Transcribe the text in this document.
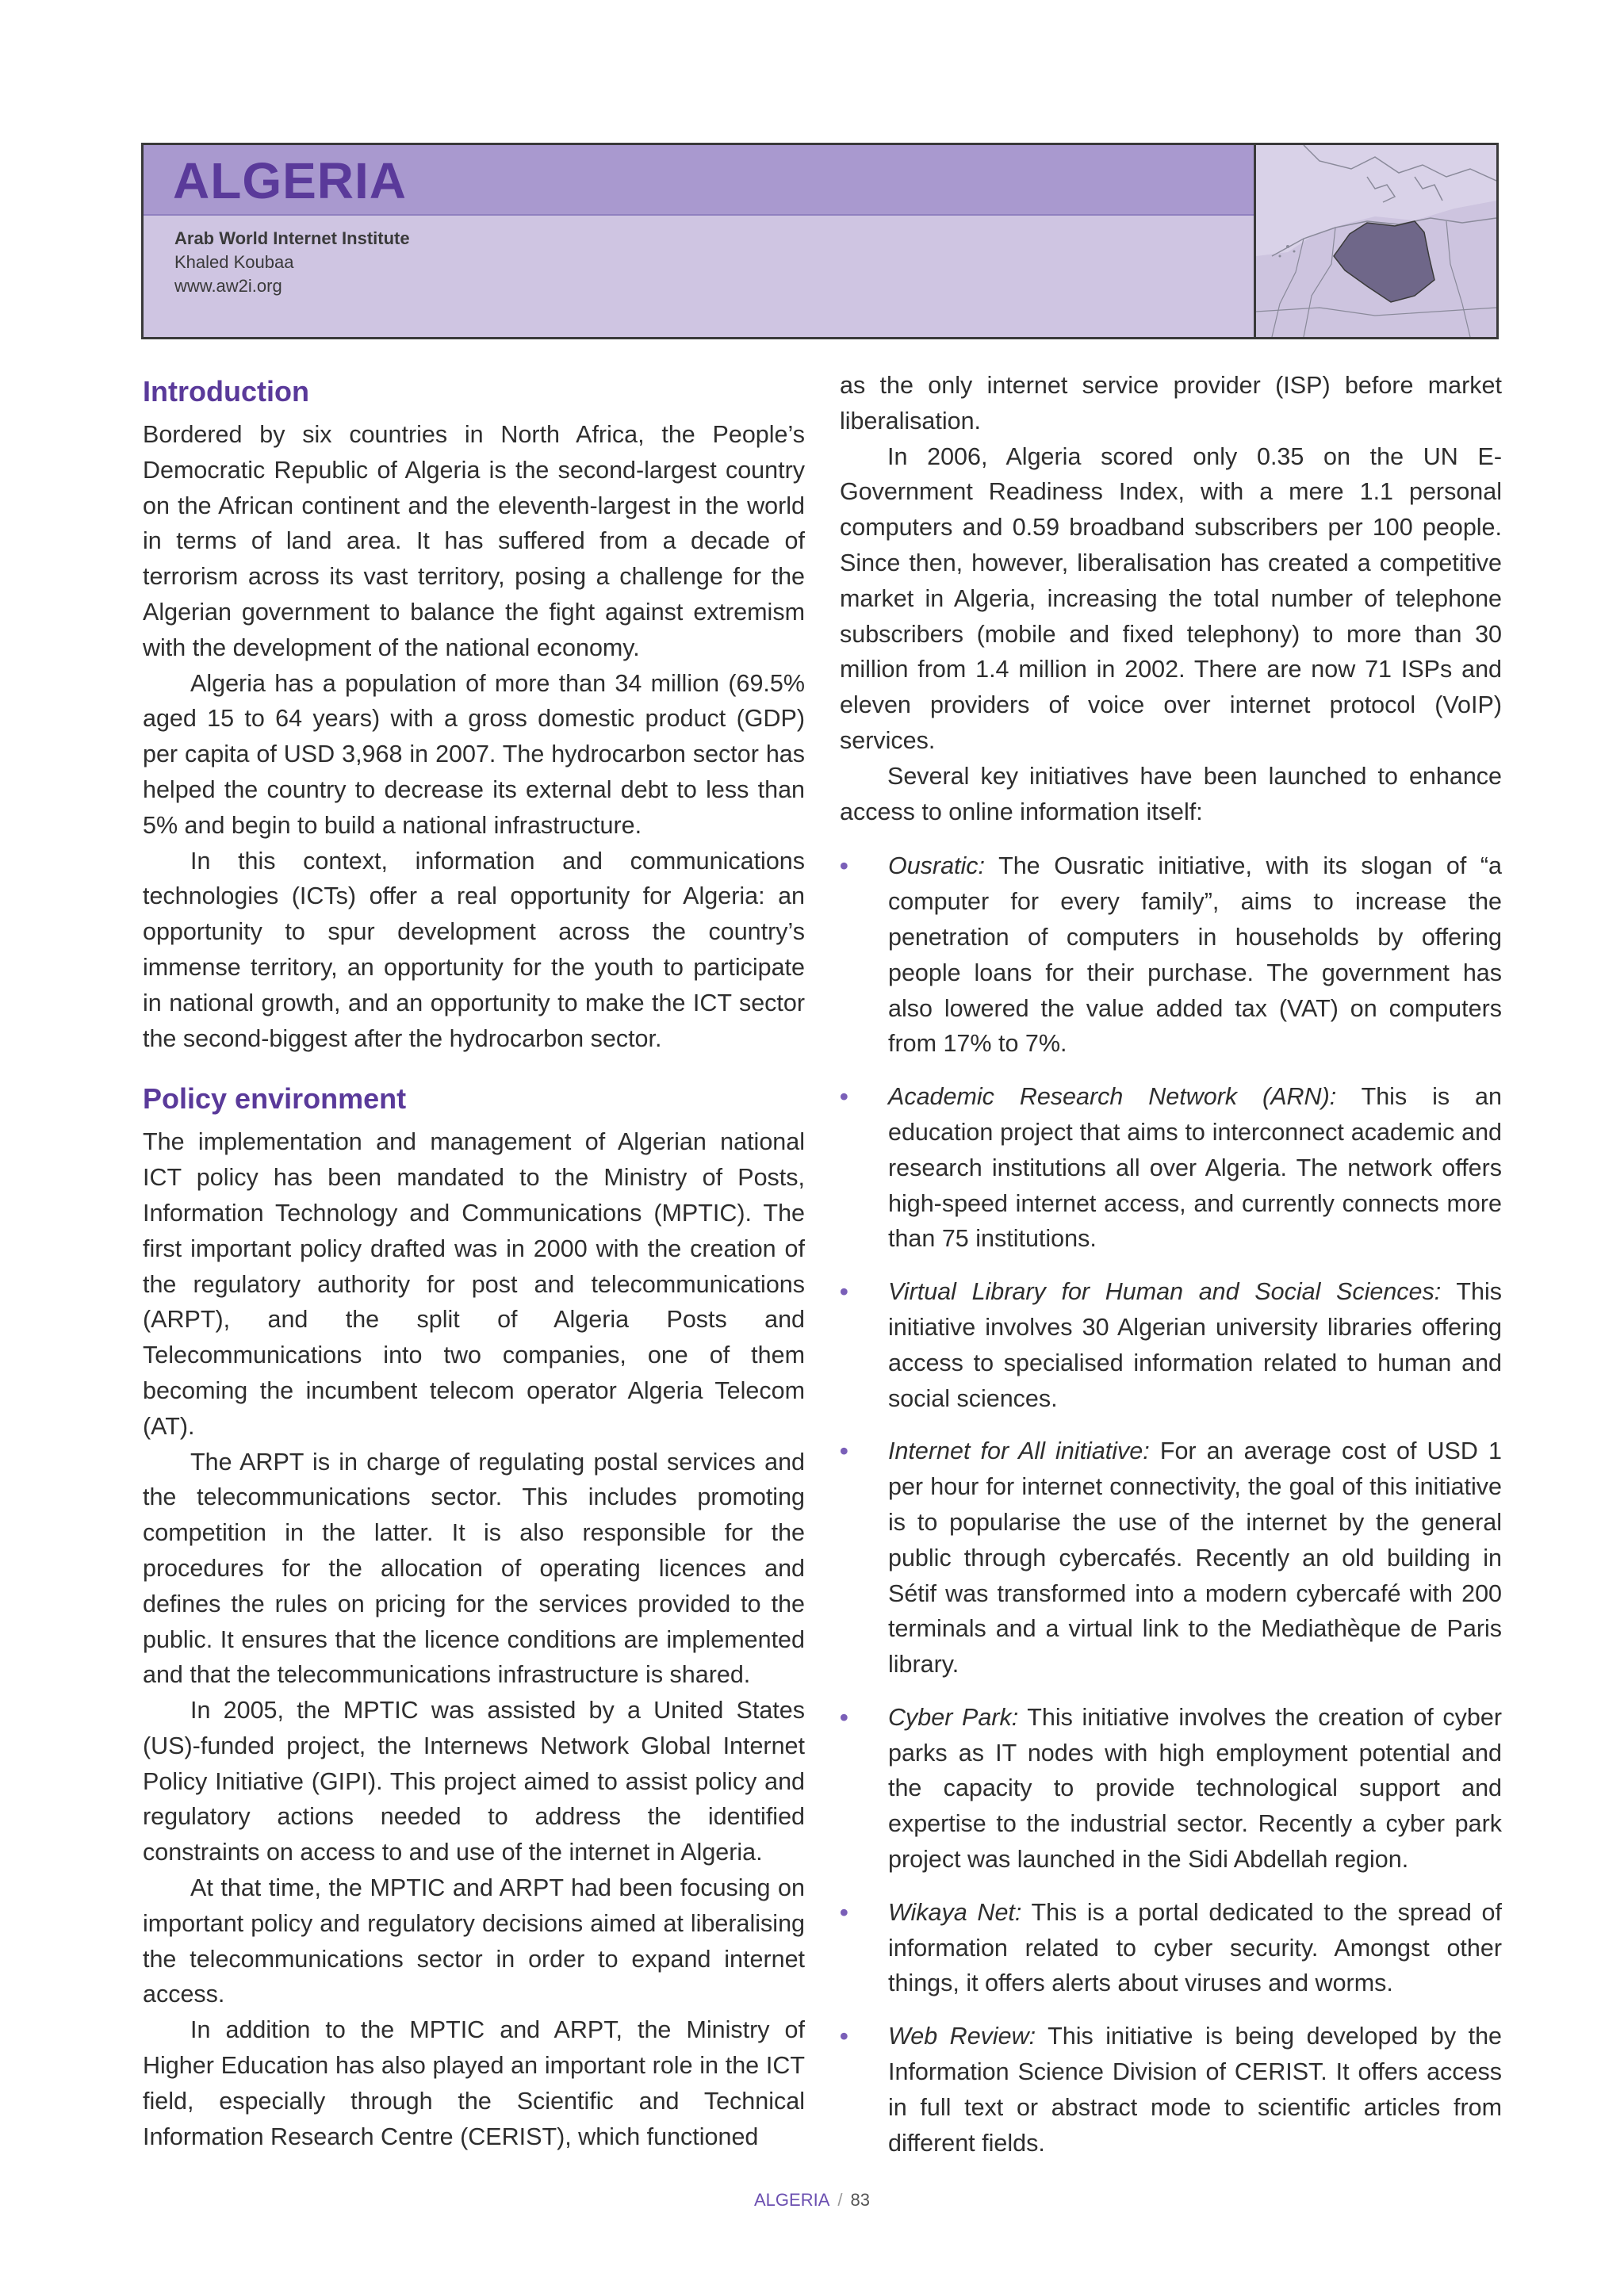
ALGERIA
Arab World Internet Institute
Khaled Koubaa
www.aw2i.org
Introduction

Bordered by six countries in North Africa, the People’s Democratic Republic of Algeria is the second-largest country on the African continent and the eleventh-largest in the world in terms of land area. It has suffered from a decade of terrorism across its vast territory, posing a challenge for the Algerian government to balance the fight against extremism with the development of the national economy.

Algeria has a population of more than 34 million (69.5% aged 15 to 64 years) with a gross domestic product (GDP) per capita of USD 3,968 in 2007. The hydrocarbon sector has helped the country to decrease its external debt to less than 5% and begin to build a national infrastructure.

In this context, information and communications technologies (ICTs) offer a real opportunity for Algeria: an opportunity to spur development across the country’s immense territory, an opportunity for the youth to participate in national growth, and an opportunity to make the ICT sector the second-biggest after the hydrocarbon sector.

Policy environment

The implementation and management of Algerian national ICT policy has been mandated to the Ministry of Posts, Information Technology and Communications (MPTIC). The first important policy drafted was in 2000 with the creation of the regulatory authority for post and telecommunications (ARPT), and the split of Algeria Posts and Telecommunications into two companies, one of them becoming the incumbent telecom operator Algeria Telecom (AT).

The ARPT is in charge of regulating postal services and the telecommunications sector. This includes promoting competition in the latter. It is also responsible for the procedures for the allocation of operating licences and defines the rules on pricing for the services provided to the public. It ensures that the licence conditions are implemented and that the telecommunications infrastructure is shared.

In 2005, the MPTIC was assisted by a United States (US)-funded project, the Internews Network Global Internet Policy Initiative (GIPI). This project aimed to assist policy and regulatory actions needed to address the identified constraints on access to and use of the internet in Algeria.

At that time, the MPTIC and ARPT had been focusing on important policy and regulatory decisions aimed at liberalising the telecommunications sector in order to expand internet access.

In addition to the MPTIC and ARPT, the Ministry of Higher Education has also played an important role in the ICT field, especially through the Scientific and Technical Information Research Centre (CERIST), which functioned

as the only internet service provider (ISP) before market liberalisation.

In 2006, Algeria scored only 0.35 on the UN E-Government Readiness Index, with a mere 1.1 personal computers and 0.59 broadband subscribers per 100 people. Since then, however, liberalisation has created a competitive market in Algeria, increasing the total number of telephone subscribers (mobile and fixed telephony) to more than 30 million from 1.4 million in 2002. There are now 71 ISPs and eleven providers of voice over internet protocol (VoIP) services.

Several key initiatives have been launched to enhance access to online information itself:

• Ousratic: The Ousratic initiative, with its slogan of “a computer for every family”, aims to increase the penetration of computers in households by offering people loans for their purchase. The government has also lowered the value added tax (VAT) on computers from 17% to 7%.
• Academic Research Network (ARN): This is an education project that aims to interconnect academic and research institutions all over Algeria. The network offers high-speed internet access, and currently connects more than 75 institutions.
• Virtual Library for Human and Social Sciences: This initiative involves 30 Algerian university libraries offering access to specialised information related to human and social sciences.
• Internet for All initiative: For an average cost of USD 1 per hour for internet connectivity, the goal of this initiative is to popularise the use of the internet by the general public through cybercafés. Recently an old building in Sétif was transformed into a modern cybercafé with 200 terminals and a virtual link to the Mediathèque de Paris library.
• Cyber Park: This initiative involves the creation of cyber parks as IT nodes with high employment potential and the capacity to provide technological support and expertise to the industrial sector. Recently a cyber park project was launched in the Sidi Abdellah region.
• Wikaya Net: This is a portal dedicated to the spread of information related to cyber security. Amongst other things, it offers alerts about viruses and worms.
• Web Review: This initiative is being developed by the Information Science Division of CERIST. It offers access in full text or abstract mode to scientific articles from different fields.
ALGERIA / 83
